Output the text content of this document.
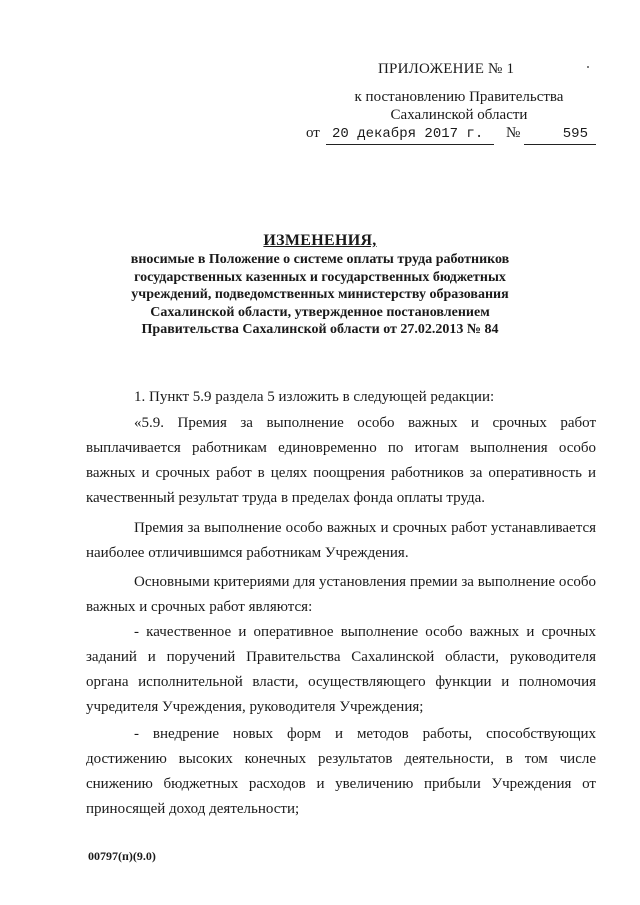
ПРИЛОЖЕНИЕ № 1
к постановлению Правительства
Сахалинской области
от 20 декабря 2017 г.	№	595
ИЗМЕНЕНИЯ,
вносимые в Положение о системе оплаты труда работников
государственных казенных и государственных бюджетных
учреждений, подведомственных министерству образования
Сахалинской области, утвержденное постановлением
Правительства Сахалинской области от 27.02.2013 № 84
1. Пункт 5.9 раздела 5 изложить в следующей редакции:
«5.9. Премия за выполнение особо важных и срочных работ выплачивается работникам единовременно по итогам выполнения особо важных и срочных работ в целях поощрения работников за оперативность и качественный результат труда в пределах фонда оплаты труда.
Премия за выполнение особо важных и срочных работ устанавливается наиболее отличившимся работникам Учреждения.
Основными критериями для установления премии за выполнение особо важных и срочных работ являются:
- качественное и оперативное выполнение особо важных и срочных заданий и поручений Правительства Сахалинской области, руководителя органа исполнительной власти, осуществляющего функции и полномочия учредителя Учреждения, руководителя Учреждения;
- внедрение новых форм и методов работы, способствующих достижению высоких конечных результатов деятельности, в том числе снижению бюджетных расходов и увеличению прибыли Учреждения от приносящей доход деятельности;
00797(п)(9.0)
